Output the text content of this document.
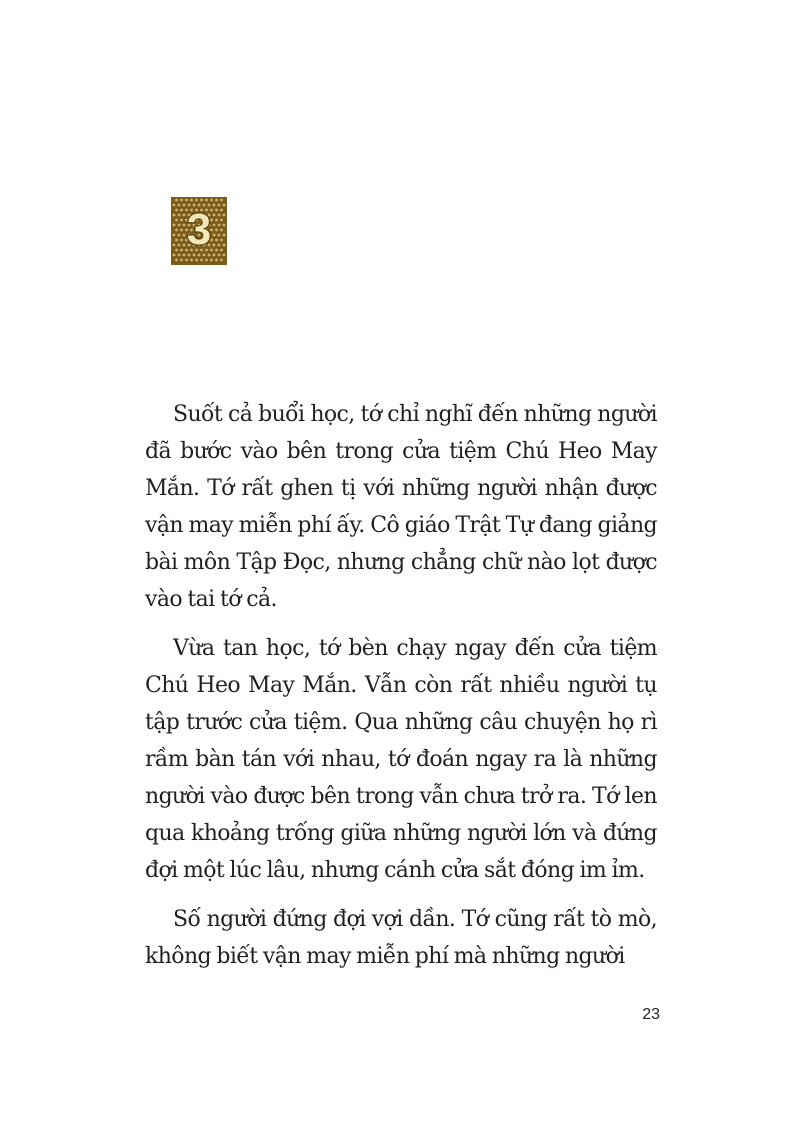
3

Suốt cả buổi học, tớ chỉ nghĩ đến những người đã bước vào bên trong cửa tiệm Chú Heo May Mắn. Tớ rất ghen tị với những người nhận được vận may miễn phí ấy. Cô giáo Trật Tự đang giảng bài môn Tập Đọc, nhưng chẳng chữ nào lọt được vào tai tớ cả.

Vừa tan học, tớ bèn chạy ngay đến cửa tiệm Chú Heo May Mắn. Vẫn còn rất nhiều người tụ tập trước cửa tiệm. Qua những câu chuyện họ rì rầm bàn tán với nhau, tớ đoán ngay ra là những người vào được bên trong vẫn chưa trở ra. Tớ len qua khoảng trống giữa những người lớn và đứng đợi một lúc lâu, nhưng cánh cửa sắt đóng im ỉm.

Số người đứng đợi vợi dần. Tớ cũng rất tò mò, không biết vận may miễn phí mà những người

23
